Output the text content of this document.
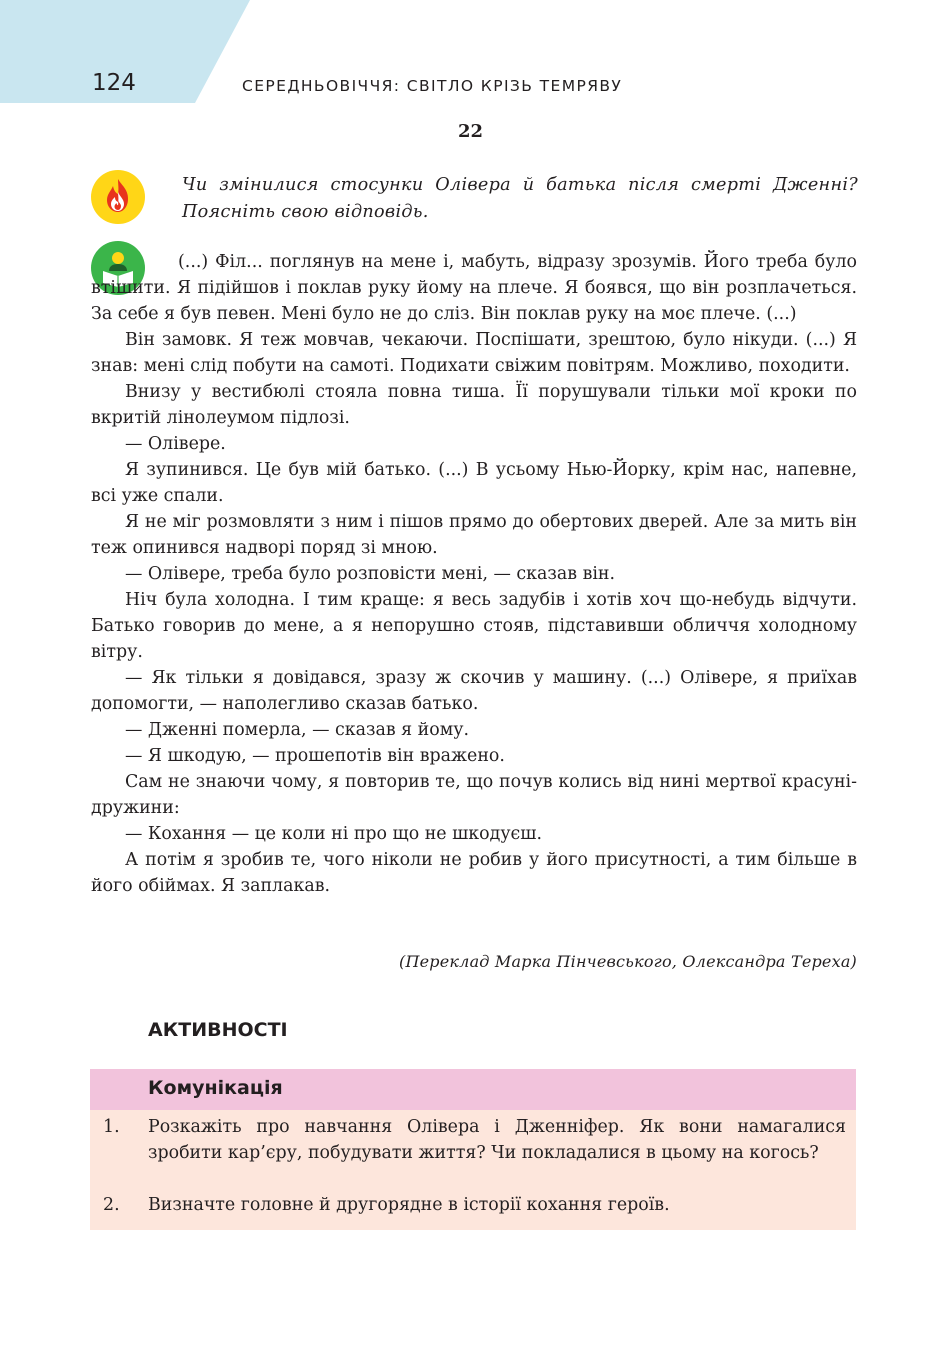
124	СЕРЕДНЬОВІЧЧЯ: СВІТЛО КРІЗЬ ТЕМРЯВУ
22

Чи змінилися стосунки Олівера й батька після смерті Дженні? Поясніть свою відповідь.

(...) Філ... поглянув на мене і, мабуть, відразу зрозумів. Його треба було втішити. Я підійшов і поклав руку йому на плече. Я боявся, що він розплачеться. За себе я був певен. Мені було не до сліз. Він поклав руку на моє плече. (...)

Він замовк. Я теж мовчав, чекаючи. Поспішати, зрештою, було нікуди. (...) Я знав: мені слід побути на самоті. Подихати свіжим повітрям. Можливо, походити.

Внизу у вестибюлі стояла повна тиша. Її порушували тільки мої кроки по вкритій лінолеумом підлозі.

— Олівере.

Я зупинився. Це був мій батько. (...) В усьому Нью-Йорку, крім нас, напевне, всі уже спали.

Я не міг розмовляти з ним і пішов прямо до обертових дверей. Але за мить він теж опинився надворі поряд зі мною.

— Олівере, треба було розповісти мені, — сказав він.

Ніч була холодна. І тим краще: я весь задубів і хотів хоч що-небудь відчути. Батько говорив до мене, а я непорушно стояв, підставивши обличчя холодному вітру.

— Як тільки я довідався, зразу ж скочив у машину. (...) Олівере, я приїхав допомогти, — наполегливо сказав батько.

— Дженні померла, — сказав я йому.

— Я шкодую, — прошепотів він вражено.

Сам не знаючи чому, я повторив те, що почув колись від нині мертвої красуні-дружини:

— Кохання — це коли ні про що не шкодуєш.

А потім я зробив те, чого ніколи не робив у його присутності, а тим більше в його обіймах. Я заплакав.

(Переклад Марка Пінчевського, Олександра Тереха)

АКТИВНОСТІ
Комунікація
1. Розкажіть про навчання Олівера і Дженніфер. Як вони намагалися зробити кар’єру, побудувати життя? Чи покладалися в цьому на когось?

2. Визначте головне й другорядне в історії кохання героїв.
